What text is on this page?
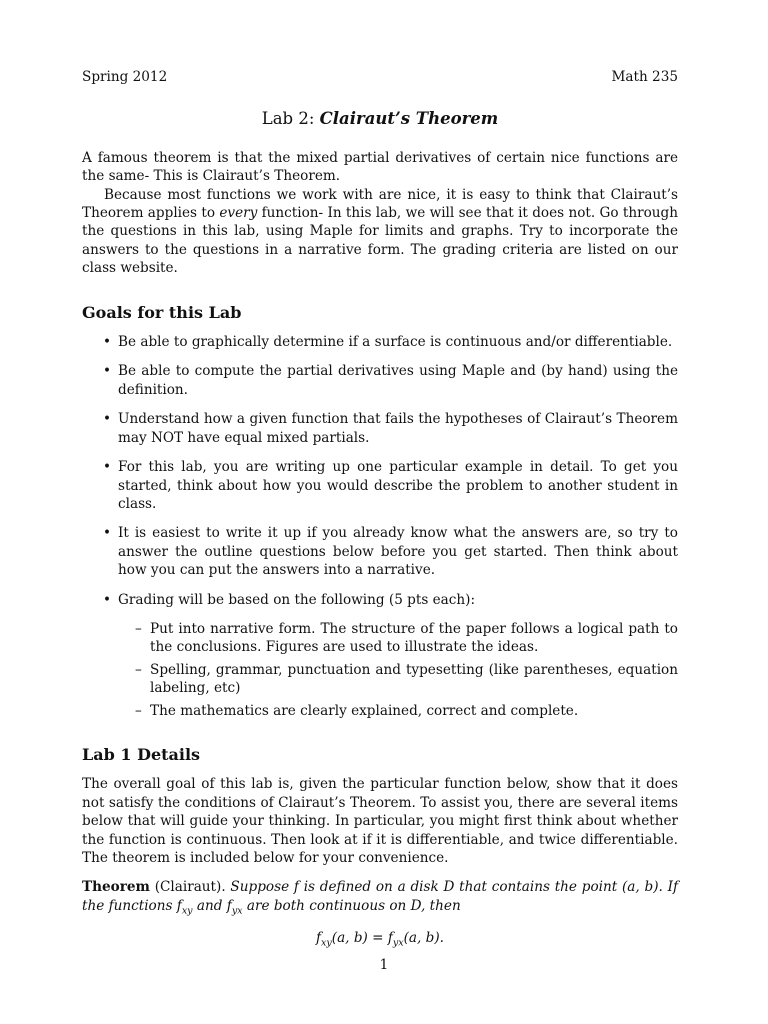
Spring 2012	Math 235
Lab 2: Clairaut’s Theorem

A famous theorem is that the mixed partial derivatives of certain nice functions are the same- This is Clairaut’s Theorem.

Because most functions we work with are nice, it is easy to think that Clairaut’s Theorem applies to every function- In this lab, we will see that it does not. Go through the questions in this lab, using Maple for limits and graphs. Try to incorporate the answers to the questions in a narrative form. The grading criteria are listed on our class website.

Goals for this Lab
• Be able to graphically determine if a surface is continuous and/or differentiable.
• Be able to compute the partial derivatives using Maple and (by hand) using the definition.
• Understand how a given function that fails the hypotheses of Clairaut’s Theorem may NOT have equal mixed partials.
• For this lab, you are writing up one particular example in detail. To get you started, think about how you would describe the problem to another student in class.
• It is easiest to write it up if you already know what the answers are, so try to answer the outline questions below before you get started. Then think about how you can put the answers into a narrative.
• Grading will be based on the following (5 pts each):
– Put into narrative form. The structure of the paper follows a logical path to the conclusions. Figures are used to illustrate the ideas.
– Spelling, grammar, punctuation and typesetting (like parentheses, equation labeling, etc)
– The mathematics are clearly explained, correct and complete.
Lab 1 Details

The overall goal of this lab is, given the particular function below, show that it does not satisfy the conditions of Clairaut’s Theorem. To assist you, there are several items below that will guide your thinking. In particular, you might first think about whether the function is continuous. Then look at if it is differentiable, and twice differentiable. The theorem is included below for your convenience.

Theorem (Clairaut). Suppose f is defined on a disk D that contains the point (a, b). If the functions $f_{xy}$ and $f_{yx}$ are both continuous on D, then
$f_{xy}(a$, $b) = f_{yx}(a$, b).
1
